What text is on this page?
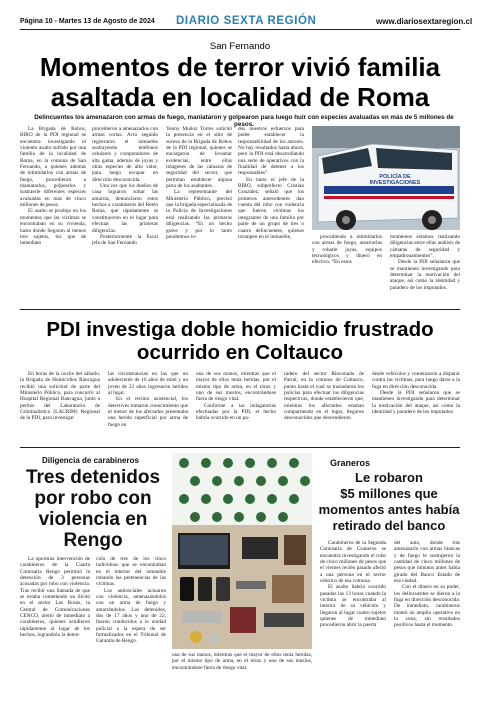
Página 10 - Martes 13 de Agosto de 2024 DIARIO SEXTA REGIÓN	www.diariosextaregion.cl
San Fernando
Momentos de terror vivió familia
asaltada en localidad de Roma
Delincuentes los amenazaron con armas de fuego, maniataron y golpearon para luego huir con especies avaluadas en más de 5 millones de pesos.

La Brigada de Robos, BIRO de la PDI regional se encuentra investigando el violento asalto sufrido por una familia de la localidad de Roma, en la comuna de San Fernando, a quienes además de intimidarlos con armas de fuego, procedieron a maniatarlos, golpearlos y sustraerle diferentes especies avaluadas en más de cinco millones de pesos.

El asalto se produjo en los momentos que las víctimas se encontraban en su vivienda, hasta donde llegaron al menos tres sujetos, los que de inmediato

procedieron a amenazarlos con armas cortas. Acto seguido registraron el inmueble sustrayendo teléfonos celulares y computadores de alta gama, además de joyas y otras especies de alto valor, para luego escapar en dirección desconocida.

Una vez que los dueños de casa lograron soltar las amarras, denunciaron estos hechos a carabineros del Retén Roma, que rápidamente se constituyeron en el lugar para efectuar las primeras diligencias.

Posteriormente la fiscal jefa de San Fernando

Yenny Muñoz Torres solicitó la presencia en el sitio de suceso de la Brigada de Robos de la PDI regional, quienes se encargaron de levantar evidencias, entre ellas imágenes de las cámaras de seguridad del sector, que permitan establecer alguna pista de los asaltantes.

La representante del Ministerio Público, precisó que la brigada especializada de la Policía de Investigaciones está realizando las primeras diligencias. “Es un hecho grave y por lo tanto pondremos to-

dos nuestros esfuerzos para poder establecer la responsabilidad de los autores. No hay resultados hasta ahora, pero la PDI está desarrollando una serie de operativos con la finalidad de detener a los responsables”.

En tanto el jefe de la BIRO, subprefecto Cristian González, señaló que los primeros antecedentes dan cuenta del robo con violencia que fueron víctimas los integrantes de una familia por parte de un grupo de tres o cuatro delincuentes, quienes irrumpen en el inmueble,

POLICÍA DE INVESTIGACIONES

procediendo a intimidarlos con armas de fuego, amarrarlas y robarle joyas, equipos tecnológicos y dinero en efectivo. “En estos

momentos estamos realizando diligencias entre ellas análisis de cámaras de seguridad y empadronamientos”.

Desde la PDI señalaron que se mantienen investigando para determinar la motivación del ataque, así como la identidad y paradero de los imputados.

PDI investiga doble homicidio frustrado
ocurrido en Coltauco

En horas de la noche del sábado, la Brigada de Homicidios Rancagua recibió una solicitud de parte del Ministerio Público, para concurrir al Hospital Regional Rancagua, junto a peritos del Laboratorio de Criminalística (LACRIM) Regional de la PDI, para investigar

las circunstancias en las que un adolescente de 16 años de edad y un joven de 22 años ingresaron heridos al lugar.

En el recinto asistencial, los detectives tomaron conocimiento que el menor de los afectados presentaba una herida superficial por arma de fuego en

una de sus manos, mientras que el mayor de ellos tenía heridas, por el mismo tipo de arma, en el tórax y uno de sus muslos, encontrándose fuera de riesgo vital.

Conforme a las indagatorias efectuadas por la PDI, el hecho habría ocurrido en un pa-

radero del sector Rinconada de Parral, en la comuna de Coltauco, punto hasta el cual se trasladaron los policías para efectuar las diligencias respectivas, donde establecieron que, mientras los afectados estaban compartiendo en el lugar, llegaron desconocidos que descendieron

desde vehículos y comenzaron a disparar contra las víctimas, para luego darse a la fuga en dirección desconocida.

Desde la PDI señalaron que se mantienen investigando para determinar la motivación del ataque, así como la identidad y paradero de los imputados.

Diligencia de carabineros
Tres detenidos
por robo con
violencia en
Rengo

La oportuna intervención de carabineros de la Cuarta Comisaría Rengo permitió la detención de 3 personas acusadas por robo con violencia. Tras recibir una llamada de que se estaba cometiendo un ilícito en el sector Las Rosas, la Central de Comunicaciones CENCO, alertó de inmediato a carabineros, quienes acudieron rápidamente al lugar de los hechos, lograndolo la deten-

ción de tres de los cinco individuos que se encontraban en el interior del inmueble robando las pertenencias de las víctimas.

Los antisociales actuaron con violencia, amenazándolos con un arma de fuego y amarrándolos. Los detenidos, dos de 17 años y uno de 22, fueron conducidos a la unidad policial a la espera de ser formalizados en el Tribunal de Garantía de Rengo.

una de sus manos, mientras que el mayor de ellos tenía heridas, por el mismo tipo de arma, en el tórax y uno de sus muslos, encontrándose fuera de riesgo vital.

Graneros
Le robaron
$5 millones que
momentos antes había
retirado del banco

Carabineros de la Segunda Comisaría de Graneros se encuentra investigando el robo de cinco millones de pesos que el viernes recién pasado afectó a una persona en el sector céntrico de esa comuna.

El asalto habría ocurrido pasadas las 13 horas cuando la víctima se encontraba al interior de su vehículo y llegaron al lugar cuatro sujetos quienes de inmediato procedieron abrir la puerta

del auto, donde tras amenazarlo con armas blancas y de fuego le sustrajeron la cantidad de cinco millones de pesos que minutos antes había girado del Banco Estado de esa ciudad.

Con el dinero en su poder, los delincuentes se dieron a la fuga en dirección desconocida. De inmediato, carabineros montó un amplio operativo en la zona, sin resultados positivos hasta el momento.
